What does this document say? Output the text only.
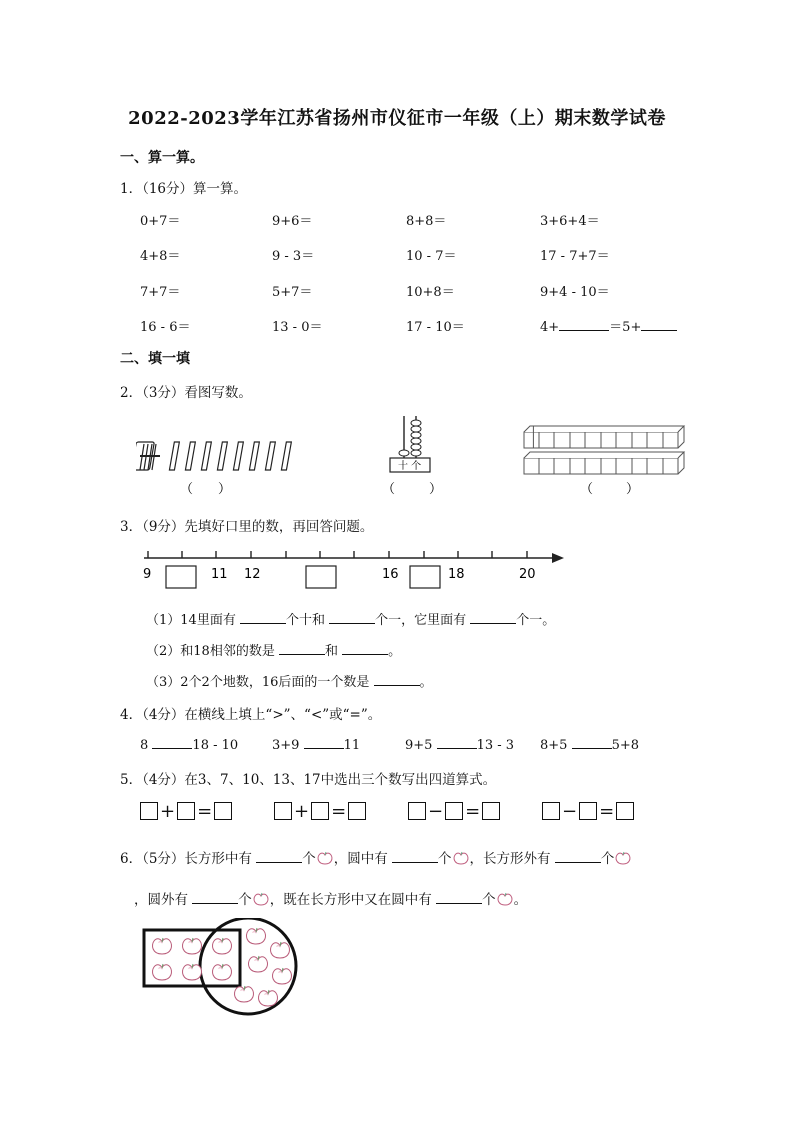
2022-2023学年江苏省扬州市仪征市一年级（上）期末数学试卷
一、算一算。
1．（16分）算一算。
0+7＝	9+6＝	8+8＝	3+6+4＝
4+8＝	9 - 3＝	10 - 7＝	17 - 7+7＝
7+7＝	5+7＝	10+8＝	9+4 - 10＝
16 - 6＝	13 - 0＝	17 - 10＝	4+	＝5+
二、填一填
2．（3分）看图写数。
（ ）
十 个
（	）	（	）
3．（9分）先填好口里的数，再回答问题。
9	11 12	16	18	20
（1）14里面有	个十和	个一，它里面有	个一。
（2）和18相邻的数是	和	。
（3）2个2个地数，16后面的一个数是	。
4．（4分）在横线上填上“>”、“<”或“=”。
8	18 - 10	3+9	11	9+5	13 - 3 8+5	5+8
5．（4分）在3、7、10、13、17中选出三个数写出四道算式。
+ =	+ =	− =	− =
6．（5分）长方形中有	个 ，圆中有	个 ，长方形外有	个
，圆外有	个 ，既在长方形中又在圆中有	个 。
